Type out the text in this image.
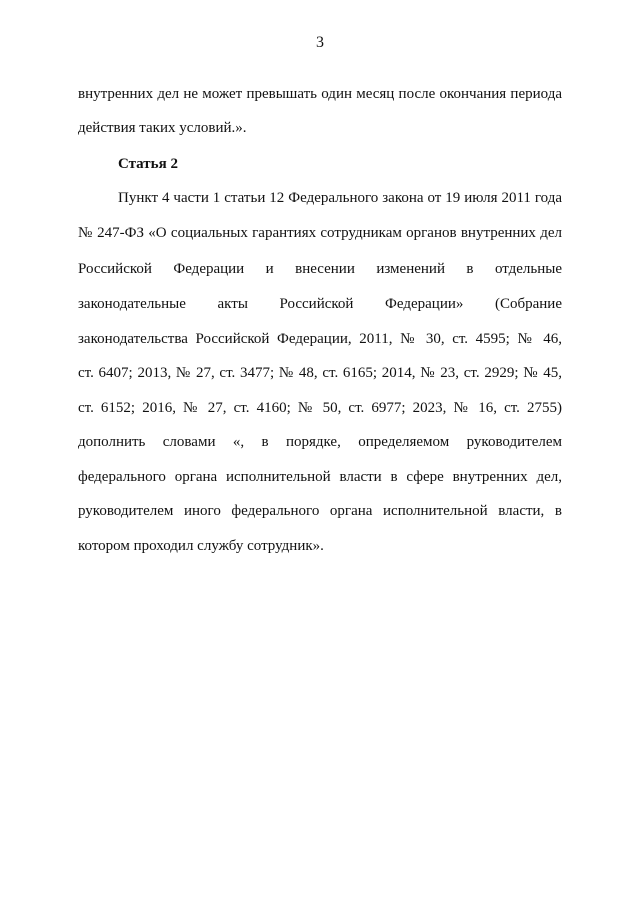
3
внутренних дел не может превышать один месяц после окончания периода
действия таких условий.».
Статья 2
Пункт 4 части 1 статьи 12 Федерального закона от 19 июля 2011 года
№ 247-ФЗ «О социальных гарантиях сотрудникам органов внутренних дел
Российской Федерации и внесении изменений в отдельные
законодательные акты Российской Федерации» (Собрание
законодательства Российской Федерации, 2011, № 30, ст. 4595; № 46,
ст. 6407; 2013, № 27, ст. 3477; № 48, ст. 6165; 2014, № 23, ст. 2929; № 45,
ст. 6152; 2016, № 27, ст. 4160; № 50, ст. 6977; 2023, № 16, ст. 2755)
дополнить словами «, в порядке, определяемом руководителем
федерального органа исполнительной власти в сфере внутренних дел,
руководителем иного федерального органа исполнительной власти, в
котором проходил службу сотрудник».
